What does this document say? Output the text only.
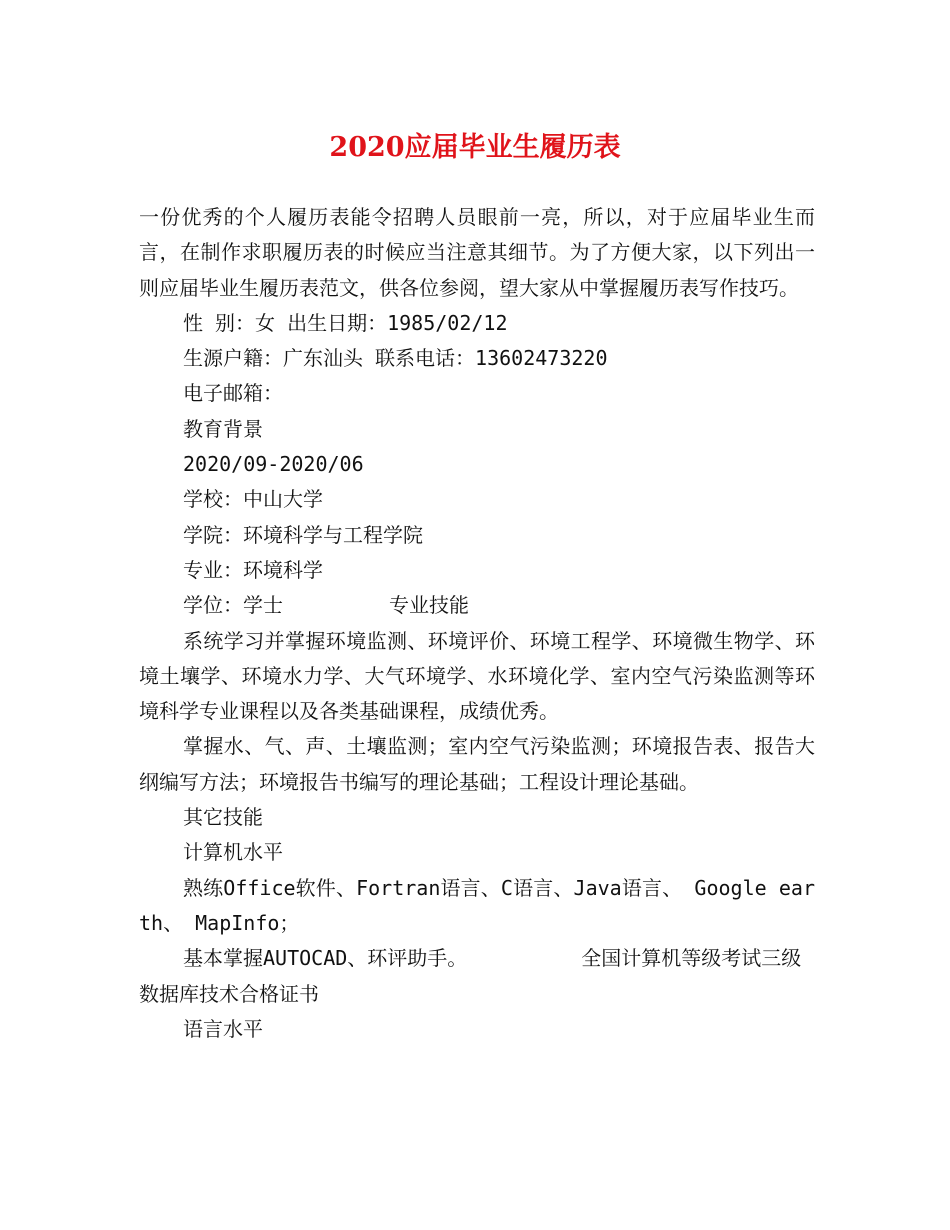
2020应届毕业生履历表

一份优秀的个人履历表能令招聘人员眼前一亮，所以，对于应届毕业生而言，在制作求职履历表的时候应当注意其细节。为了方便大家，以下列出一则应届毕业生履历表范文，供各位参阅，望大家从中掌握履历表写作技巧。

性 别：女 出生日期：1985/02/12

生源户籍：广东汕头 联系电话：13602473220

电子邮箱：

教育背景

2020/09-2020/06

学校：中山大学

学院：环境科学与工程学院

专业：环境科学

学位：学士	专业技能

系统学习并掌握环境监测、环境评价、环境工程学、环境微生物学、环境土壤学、环境水力学、大气环境学、水环境化学、室内空气污染监测等环境科学专业课程以及各类基础课程，成绩优秀。

掌握水、气、声、土壤监测；室内空气污染监测；环境报告表、报告大纲编写方法；环境报告书编写的理论基础；工程设计理论基础。

其它技能

计算机水平

熟练Office软件、Fortran语言、C语言、Java语言、 Google earth、 MapInfo；

基本掌握AUTOCAD、环评助手。	全国计算机等级考试三级数据库技术合格证书

语言水平
